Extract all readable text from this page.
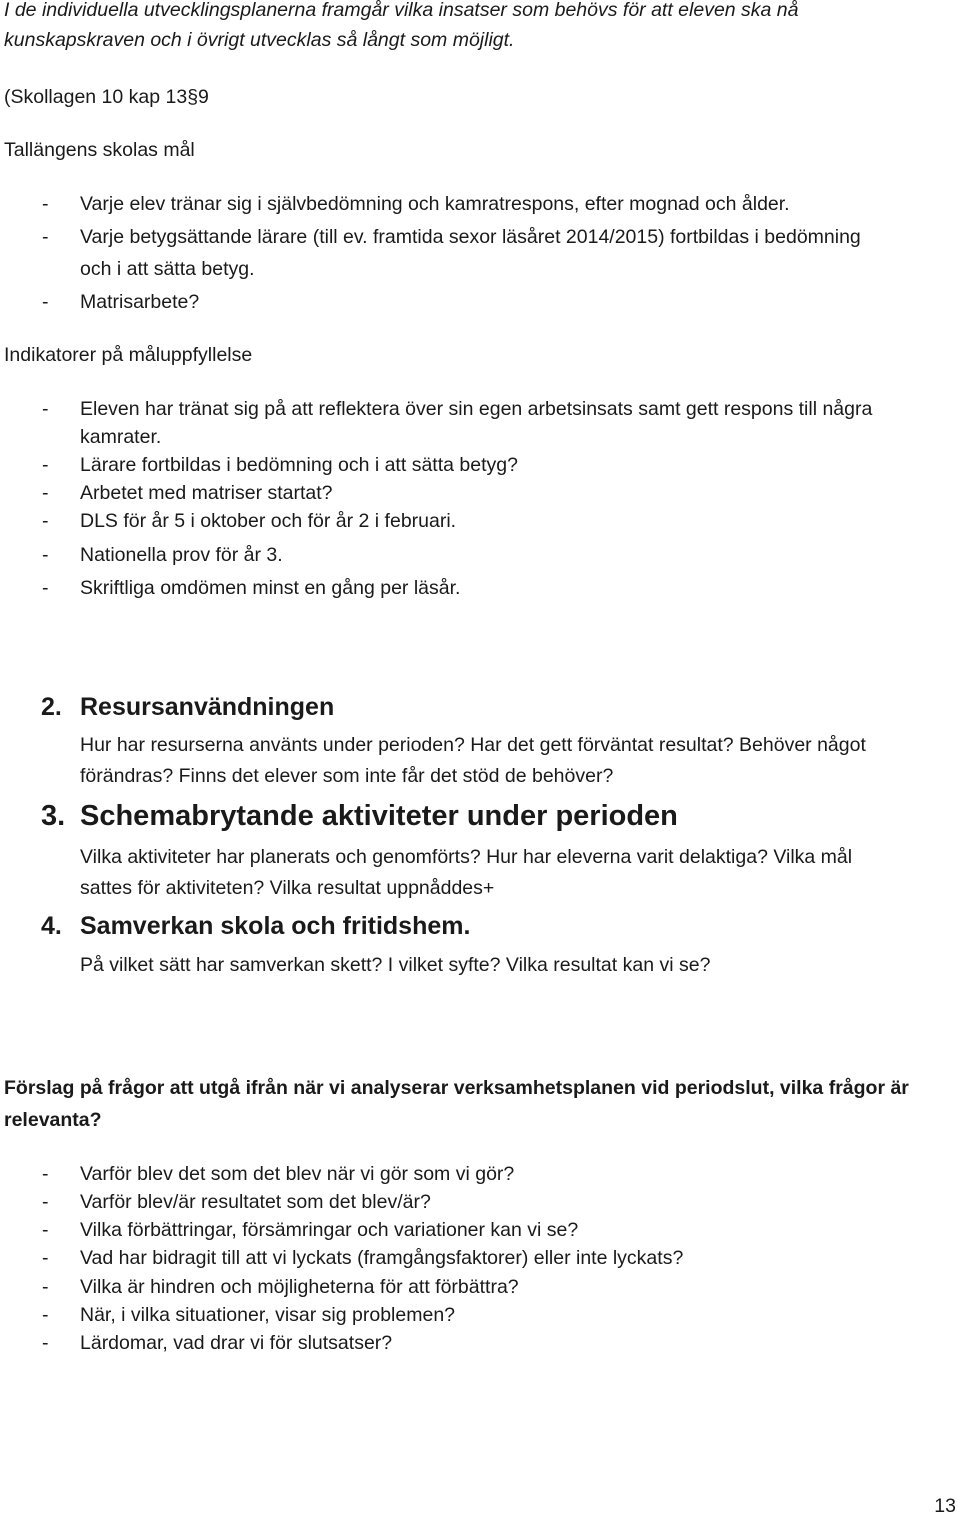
I de individuella utvecklingsplanerna framgår vilka insatser som behövs för att eleven ska nå
kunskapskraven och i övrigt utvecklas så långt som möjligt.
(Skollagen 10 kap 13§9
Tallängens skolas mål
- Varje elev tränar sig i självbedömning och kamratrespons, efter mognad och ålder.
- Varje betygsättande lärare (till ev. framtida sexor läsåret 2014/2015) fortbildas i bedömning
och i att sätta betyg.
- Matrisarbete?
Indikatorer på måluppfyllelse
- Eleven har tränat sig på att reflektera över sin egen arbetsinsats samt gett respons till några
kamrater.
- Lärare fortbildas i bedömning och i att sätta betyg?
- Arbetet med matriser startat?
- DLS för år 5 i oktober och för år 2 i februari.
- Nationella prov för år 3.
- Skriftliga omdömen minst en gång per läsår.
2. Resursanvändningen
Hur har resurserna använts under perioden? Har det gett förväntat resultat? Behöver något
förändras? Finns det elever som inte får det stöd de behöver?
3. Schemabrytande aktiviteter under perioden
Vilka aktiviteter har planerats och genomförts? Hur har eleverna varit delaktiga? Vilka mål
sattes för aktiviteten? Vilka resultat uppnåddes+
4. Samverkan skola och fritidshem.
På vilket sätt har samverkan skett? I vilket syfte? Vilka resultat kan vi se?
Förslag på frågor att utgå ifrån när vi analyserar verksamhetsplanen vid periodslut, vilka frågor är
relevanta?
- Varför blev det som det blev när vi gör som vi gör?
- Varför blev/är resultatet som det blev/är?
- Vilka förbättringar, försämringar och variationer kan vi se?
- Vad har bidragit till att vi lyckats (framgångsfaktorer) eller inte lyckats?
- Vilka är hindren och möjligheterna för att förbättra?
- När, i vilka situationer, visar sig problemen?
- Lärdomar, vad drar vi för slutsatser?
13
